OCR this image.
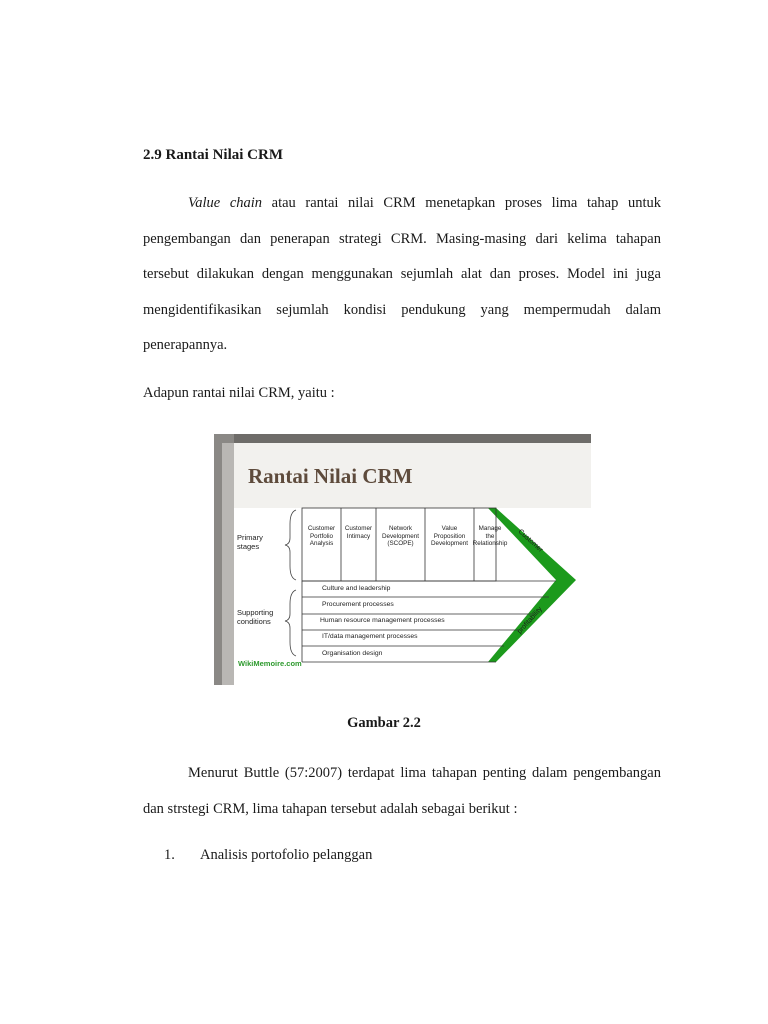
2.9 Rantai Nilai CRM
Value chain atau rantai nilai CRM menetapkan proses lima tahap untuk pengembangan dan penerapan strategi CRM. Masing-masing dari kelima tahapan tersebut dilakukan dengan menggunakan sejumlah alat dan proses. Model ini juga mengidentifikasikan sejumlah kondisi pendukung yang mempermudah dalam penerapannya.
Adapun rantai nilai CRM, yaitu :
Rantai Nilai CRM
Customer
profitability
Primary
stages
Supporting
conditions
Customer
Portfolio
Analysis
Customer
Intimacy
Network
Development
(SCOPE)
Value
Proposition
Development
Manage
the
Relationship
Culture and leadership
Procurement processes
Human resource management processes
IT/data management processes
Organisation design
WikiMemoire.com
Gambar 2.2
Menurut Buttle (57:2007) terdapat lima tahapan penting dalam pengembangan dan strstegi CRM, lima tahapan tersebut adalah sebagai berikut :
1. Analisis portofolio pelanggan
